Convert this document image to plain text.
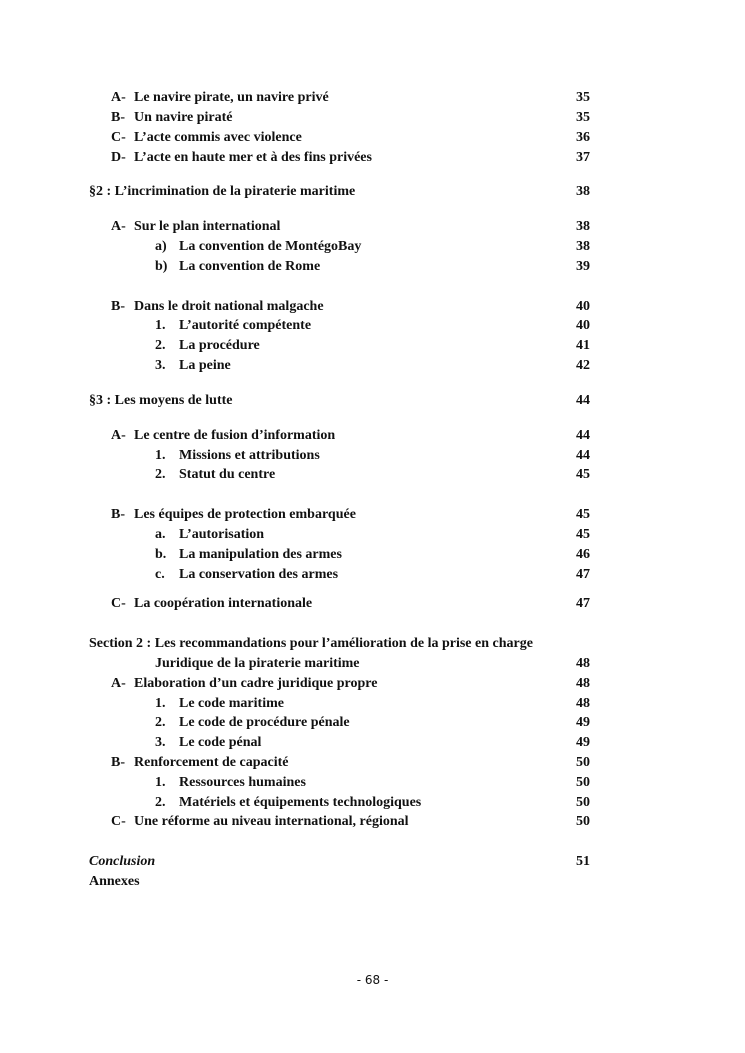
A- Le navire pirate, un navire privé	35
B- Un navire piraté	35
C- L’acte commis avec violence	36
D- L’acte en haute mer et à des fins privées	37
§2 : L’incrimination de la piraterie maritime	38
A- Sur le plan international	38
a) La convention de MontégoBay	38
b) La convention de Rome	39
B- Dans le droit national malgache	40
1. L’autorité compétente	40
2. La procédure	41
3. La peine	42
§3 : Les moyens de lutte	44
A- Le centre de fusion d’information	44
1. Missions et attributions	44
2. Statut du centre	45
B- Les équipes de protection embarquée	45
a. L’autorisation	45
b. La manipulation des armes	46
c. La conservation des armes	47
C- La coopération internationale	47
Section 2 : Les recommandations pour l’amélioration de la prise en charge
Juridique de la piraterie maritime	48
A- Elaboration d’un cadre juridique propre	48
1. Le code maritime	48
2. Le code de procédure pénale	49
3. Le code pénal	49
B- Renforcement de capacité	50
1. Ressources humaines	50
2. Matériels et équipements technologiques	50
C- Une réforme au niveau international, régional	50
Conclusion	51
Annexes
- 68 -
